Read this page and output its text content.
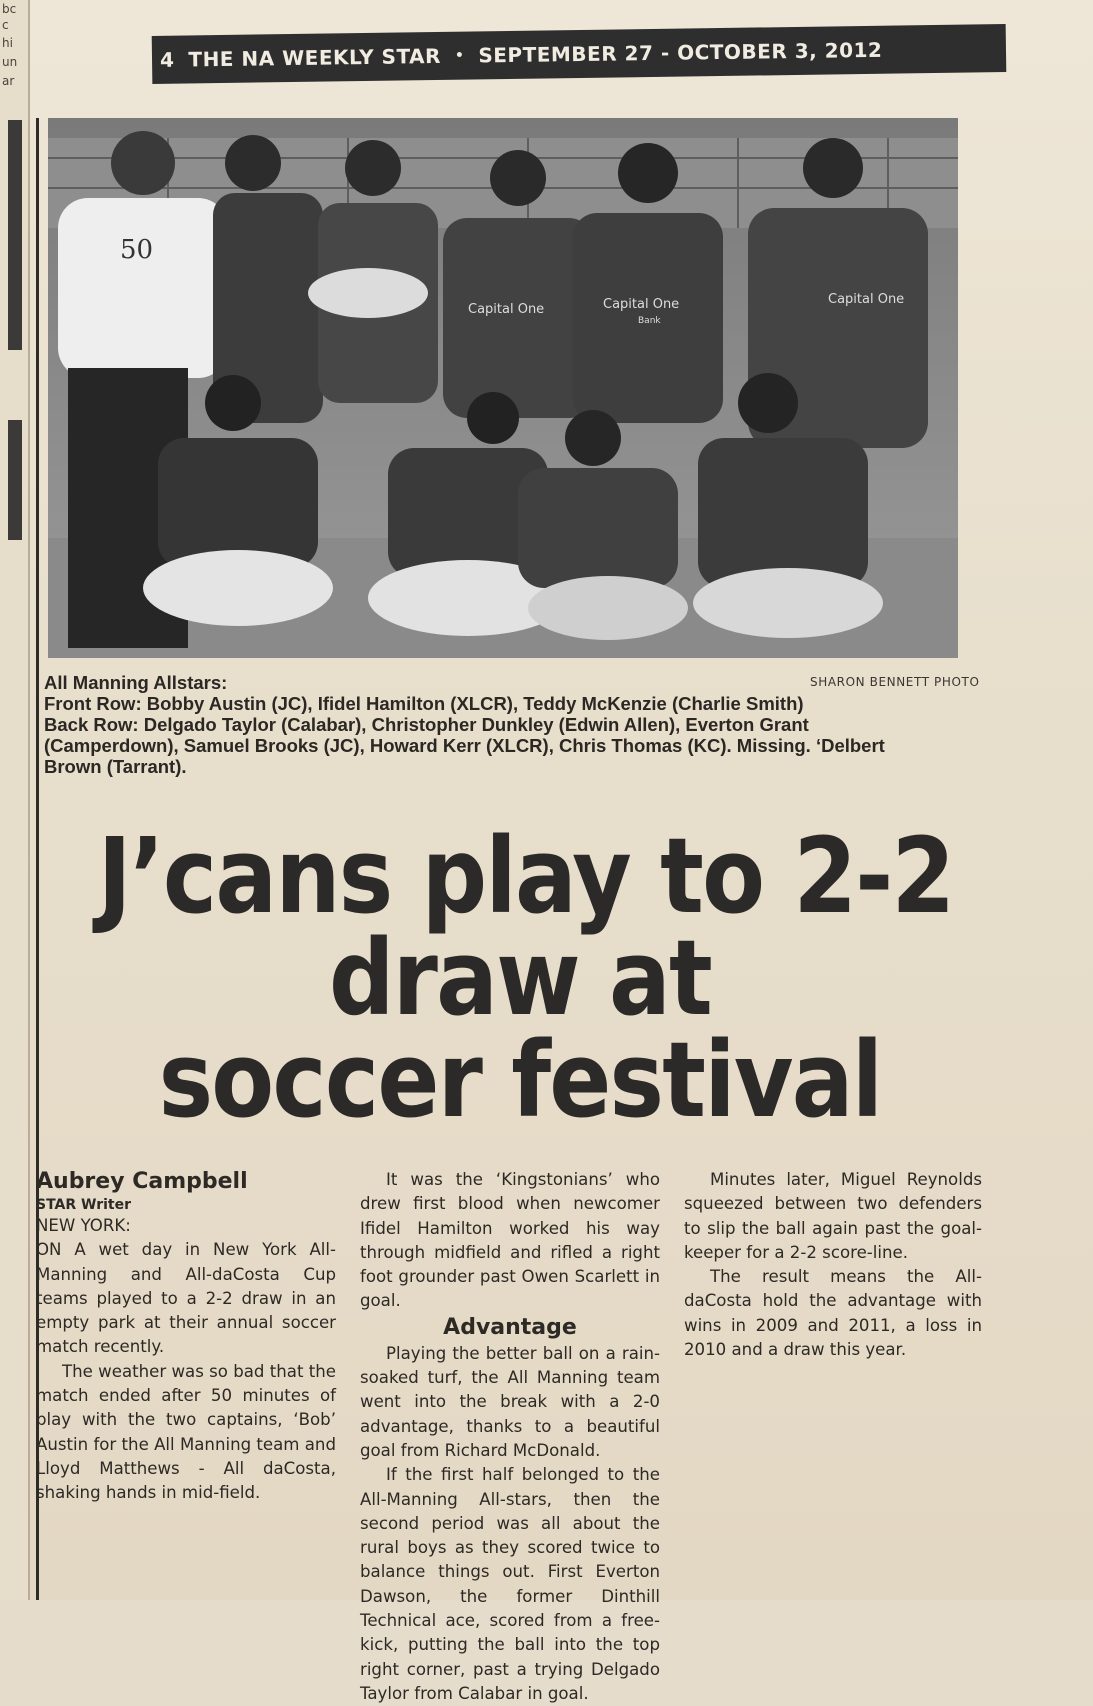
bc
c
hi
un
ar
4 THE NA WEEKLY STAR • SEPTEMBER 27 - OCTOBER 3, 2012
50
Capital One	Capital One
Bank
Capital One
SHARON BENNETT PHOTO

All Manning Allstars:

Front Row: Bobby Austin (JC), Ifidel Hamilton (XLCR), Teddy McKenzie (Charlie Smith)

Back Row: Delgado Taylor (Calabar), Christopher Dunkley (Edwin Allen), Everton Grant (Camperdown), Samuel Brooks (JC), Howard Kerr (XLCR), Chris Thomas (KC). Missing. ‘Delbert Brown (Tarrant).

J’cans play to 2-2
draw at
soccer festival

Aubrey Campbell

STAR Writer

NEW YORK:

ON A wet day in New York All-Manning and All-daCosta Cup teams played to a 2-2 draw in an empty park at their annual soccer match recently.

The weather was so bad that the match ended after 50 minutes of play with the two captains, ‘Bob’ Austin for the All Manning team and Lloyd Matthews - All daCosta, shaking hands in mid-field.

It was the ‘Kingstonians’ who drew first blood when newcomer Ifidel Hamilton worked his way through midfield and rifled a right foot grounder past Owen Scarlett in goal.

Advantage

Playing the better ball on a rain-soaked turf, the All Manning team went into the break with a 2-0 advantage, thanks to a beautiful goal from Richard McDonald.

If the first half belonged to the All-Manning All-stars, then the second period was all about the rural boys as they scored twice to balance things out. First Everton Dawson, the former Dinthill Technical ace, scored from a free-kick, putting the ball into the top right corner, past a trying Delgado Taylor from Calabar in goal.

Minutes later, Miguel Reynolds squeezed between two defenders to slip the ball again past the goal-keeper for a 2-2 score-line.

The result means the All-daCosta hold the advantage with wins in 2009 and 2011, a loss in 2010 and a draw this year.
